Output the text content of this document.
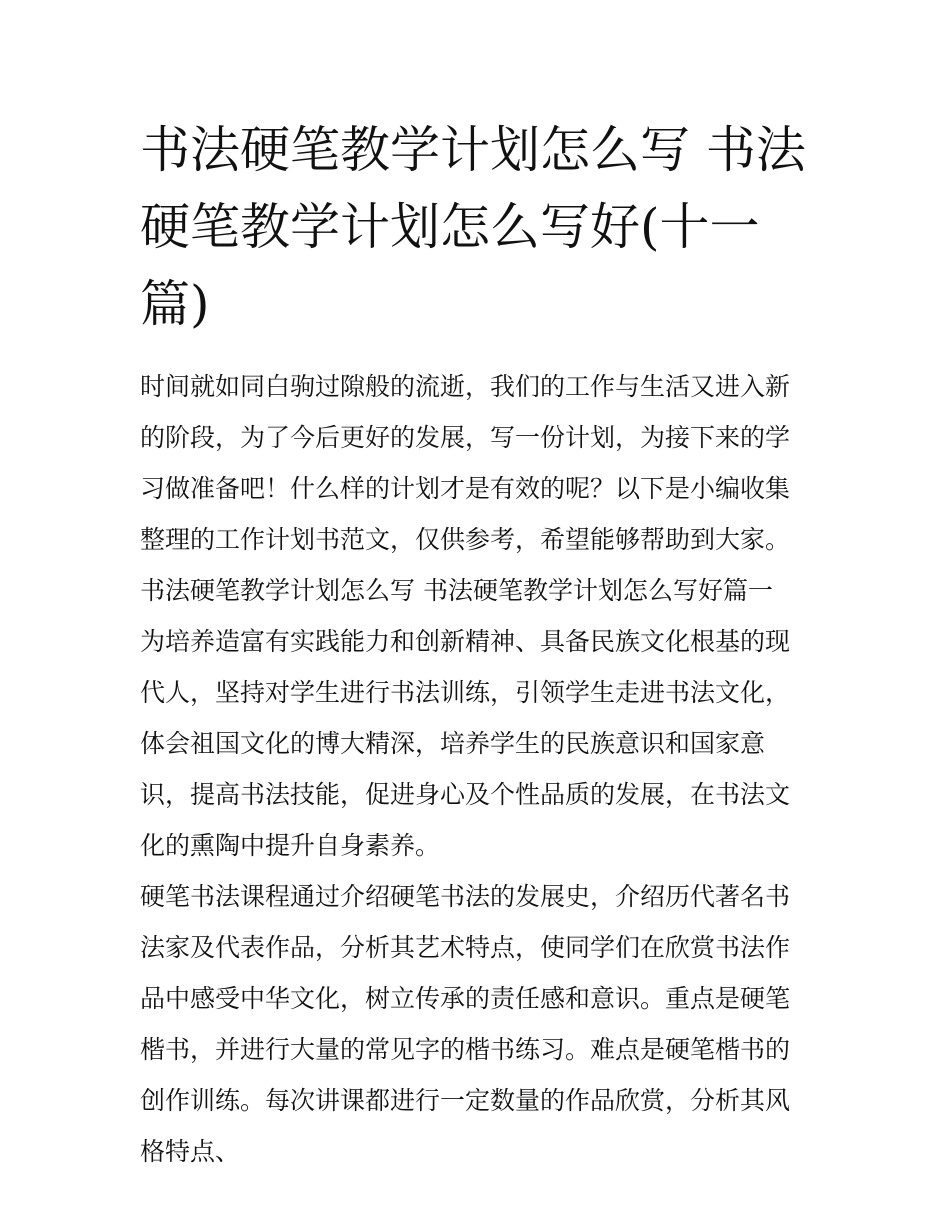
书法硬笔教学计划怎么写 书法硬笔教学计划怎么写好(十一篇)

时间就如同白驹过隙般的流逝，我们的工作与生活又进入新的阶段，为了今后更好的发展，写一份计划，为接下来的学习做准备吧！什么样的计划才是有效的呢？以下是小编收集整理的工作计划书范文，仅供参考，希望能够帮助到大家。

书法硬笔教学计划怎么写 书法硬笔教学计划怎么写好篇一

为培养造富有实践能力和创新精神、具备民族文化根基的现代人，坚持对学生进行书法训练，引领学生走进书法文化，体会祖国文化的博大精深，培养学生的民族意识和国家意识，提高书法技能，促进身心及个性品质的发展，在书法文化的熏陶中提升自身素养。

硬笔书法课程通过介绍硬笔书法的发展史，介绍历代著名书法家及代表作品，分析其艺术特点，使同学们在欣赏书法作品中感受中华文化，树立传承的责任感和意识。重点是硬笔楷书，并进行大量的常见字的楷书练习。难点是硬笔楷书的创作训练。每次讲课都进行一定数量的作品欣赏，分析其风格特点、
